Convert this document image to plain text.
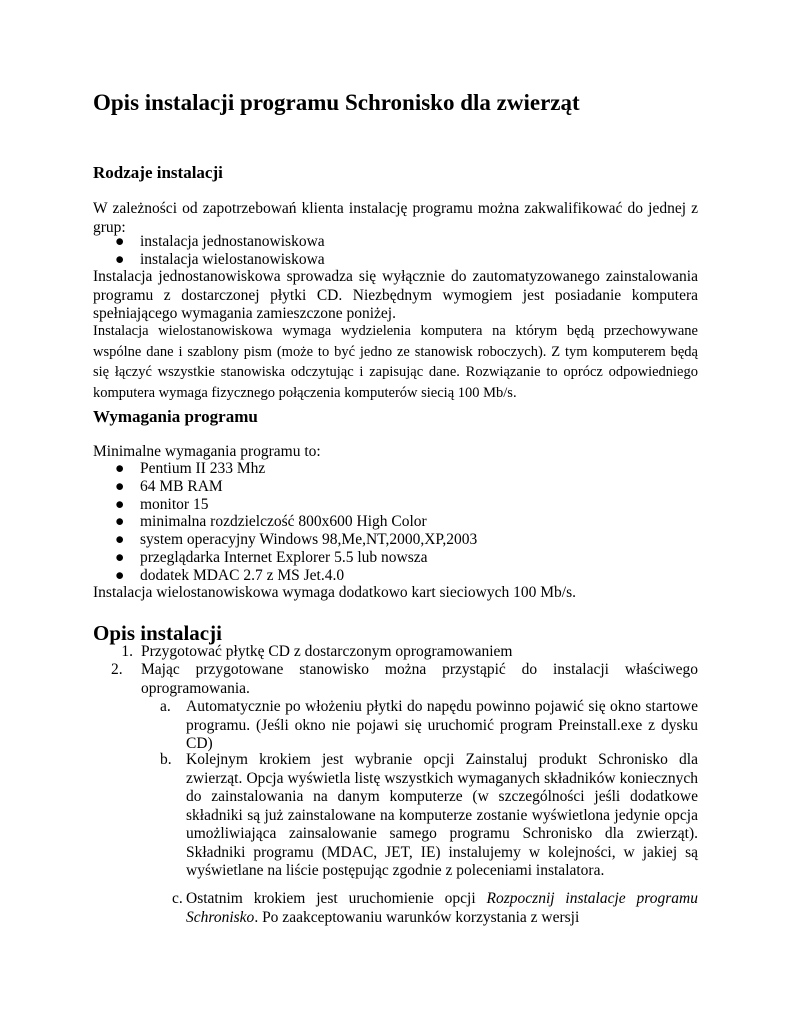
Opis instalacji programu Schronisko dla zwierząt
Rodzaje instalacji

W zależności od zapotrzebowań klienta instalację programu można zakwalifikować do jednej z grup:

● instalacja jednostanowiskowa
● instalacja wielostanowiskowa

Instalacja jednostanowiskowa sprowadza się wyłącznie do zautomatyzowanego zainstalowania programu z dostarczonej płytki CD. Niezbędnym wymogiem jest posiadanie komputera spełniającego wymagania zamieszczone poniżej.

Instalacja wielostanowiskowa wymaga wydzielenia komputera na którym będą przechowywane wspólne dane i szablony pism (może to być jedno ze stanowisk roboczych). Z tym komputerem będą się łączyć wszystkie stanowiska odczytując i zapisując dane. Rozwiązanie to oprócz odpowiedniego komputera wymaga fizycznego połączenia komputerów siecią 100 Mb/s.

Wymagania programu

Minimalne wymagania programu to:

● Pentium II 233 Mhz
● 64 MB RAM
● monitor 15
● minimalna rozdzielczość 800x600 High Color
● system operacyjny Windows 98,Me,NT,2000,XP,2003
● przeglądarka Internet Explorer 5.5 lub nowsza
● dodatek MDAC 2.7 z MS Jet.4.0

Instalacja wielostanowiskowa wymaga dodatkowo kart sieciowych 100 Mb/s.

Opis instalacji
1. Przygotować płytkę CD z dostarczonym oprogramowaniem
2.	Mając przygotowane stanowisko można przystąpić do instalacji właściwego oprogramowania.
a. Automatycznie po włożeniu płytki do napędu powinno pojawić się okno startowe programu. (Jeśli okno nie pojawi się uruchomić program Preinstall.exe z dysku CD)
b. Kolejnym krokiem jest wybranie opcji Zainstaluj produkt Schronisko dla zwierząt. Opcja wyświetla listę wszystkich wymaganych składników koniecznych do zainstalowania na danym komputerze (w szczególności jeśli dodatkowe składniki są już zainstalowane na komputerze zostanie wyświetlona jedynie opcja umożliwiająca zainsalowanie samego programu Schronisko dla zwierząt). Składniki programu (MDAC, JET, IE) instalujemy w kolejności, w jakiej są wyświetlane na liście postępując zgodnie z poleceniami instalatora.
c. Ostatnim krokiem jest uruchomienie opcji Rozpocznij instalacje programu Schronisko. Po zaakceptowaniu warunków korzystania z wersji
